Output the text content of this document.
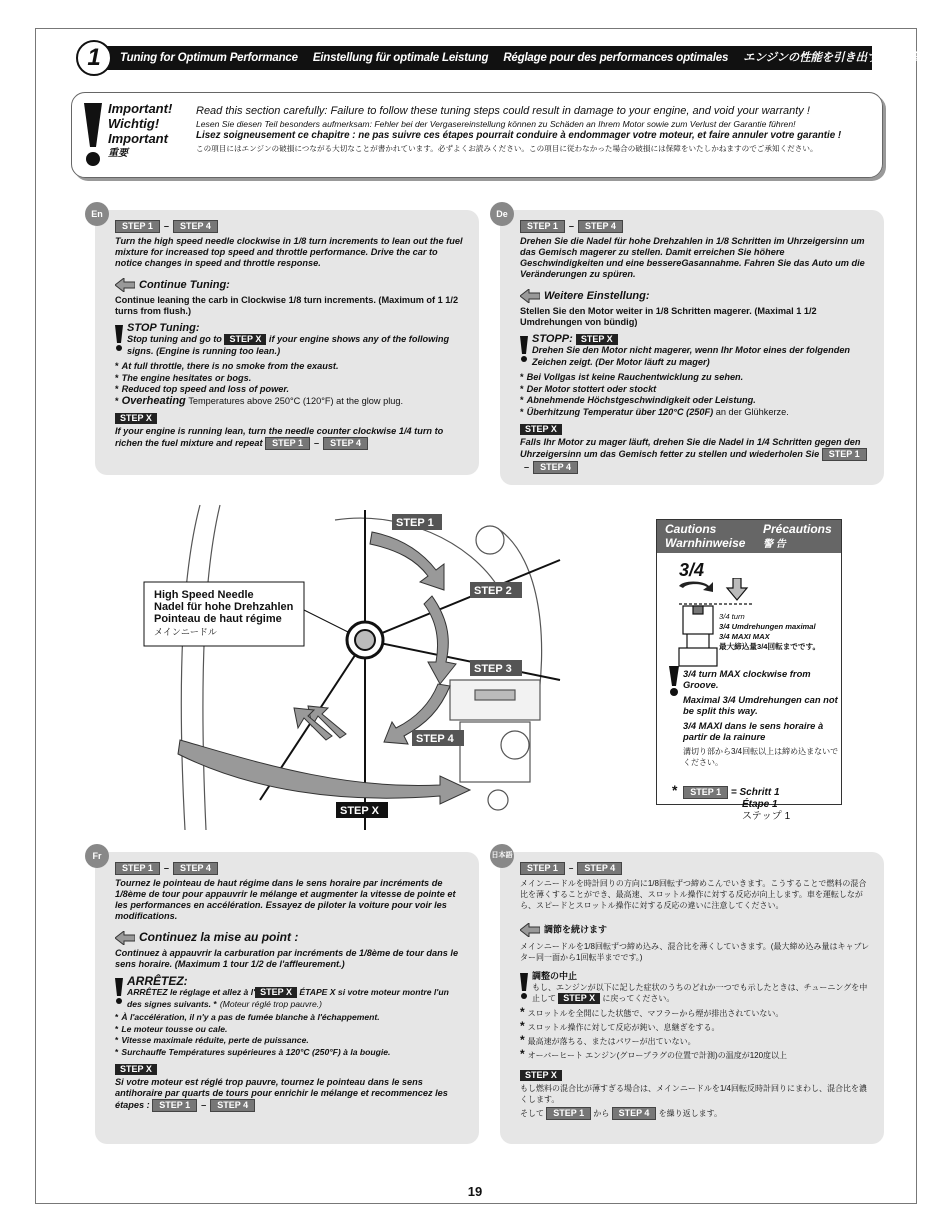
1	Tuning for Optimum Performance Einstellung für optimale Leistung Réglage pour des performances optimales エンジンの性能を引き出す為の調節
Important!
Wichtig!
Important
重要
Read this section carefully: Failure to follow these tuning steps could result in damage to your engine, and void your warranty !
Lesen Sie diesen Teil besonders aufmerksam: Fehler bei der Vergasereinstellung können zu Schäden an Ihrem Motor sowie zum Verlust der Garantie führen!
Lisez soigneusement ce chapitre : ne pas suivre ces étapes pourrait conduire à endommager votre moteur, et faire annuler votre garantie !
この項目にはエンジンの破損につながる大切なことが書かれています。必ずよくお読みください。この項目に従わなかった場合の破損には保障をいたしかねますのでご承知ください。
En
STEP 1 – STEP 4

Turn the high speed needle clockwise in 1/8 turn increments to lean out the fuel mixture for increased top speed and throttle performance. Drive the car to notice changes in speed and throttle response.

Continue Tuning:

Continue leaning the carb in Clockwise 1/8 turn increments. (Maximum of 1 1/2 turns from flush.)

STOP Tuning:
Stop tuning and go to STEP X if your engine shows any of the following signs. (Engine is running too lean.)
* At full throttle, there is no smoke from the exaust.
* The engine hesitates or bogs.
* Reduced top speed and loss of power.
* Overheating Temperatures above 250°C (120°F) at the glow plug.
STEP X

If your engine is running lean, turn the needle counter clockwise 1/4 turn to richen the fuel mixture and repeat STEP 1 – STEP 4

De
STEP 1 – STEP 4

Drehen Sie die Nadel für hohe Drehzahlen in 1/8 Schritten im Uhrzeigersinn um das Gemisch magerer zu stellen. Damit erreichen Sie höhere Geschwindigkeiten und eine bessereGasannahme. Fahren Sie das Auto um die Veränderungen zu spüren.

Weitere Einstellung:

Stellen Sie den Motor weiter in 1/8 Schritten magerer. (Maximal 1 1/2 Umdrehungen von bündig)

STOPP: STEP X
Drehen Sie den Motor nicht magerer, wenn Ihr Motor eines der folgenden Zeichen zeigt. (Der Motor läuft zu mager)
* Bei Vollgas ist keine Rauchentwicklung zu sehen.
* Der Motor stottert oder stockt
* Abnehmende Höchstgeschwindigkeit oder Leistung.
* Überhitzung Temperatur über 120°C (250F) an der Glühkerze.
STEP X

Falls Ihr Motor zu mager läuft, drehen Sie die Nadel in 1/4 Schritten gegen den Uhrzeigersinn um das Gemisch fetter zu stellen und wiederholen Sie STEP 1– STEP 4

STEP 1
STEP 2
STEP 3
STEP 4
STEP X
High Speed Needle
Nadel für hohe Drehzahlen
Pointeau de haut régime
メインニードル
Cautions	Précautions
Warnhinweise 警 告
3/4
3/4 turn
3/4 Umdrehungen maximal
3/4 MAXI MAX
最大締込量3/4回転までです。
3/4 turn MAX clockwise from Groove.
Maximal 3/4 Umdrehungen can not be split this way.
3/4 MAXI dans le sens horaire à partir de la rainure
溝切り部から3/4回転以上は締め込まないでください。
* STEP 1 = Schritt 1
Étape 1
ステップ 1
Fr
STEP 1 – STEP 4

Tournez le pointeau de haut régime dans le sens horaire par incréments de 1/8ème de tour pour appauvrir le mélange et augmenter la vitesse de pointe et les performances en accélération. Essayez de piloter la voiture pour voir les modifications.

Continuez la mise au point :

Continuez à appauvrir la carburation par incréments de 1/8ème de tour dans le sens horaire. (Maximum 1 tour 1/2 de l'affleurement.)

ARRÊTEZ:
ARRÊTEZ le réglage et allez à l' STEP X ÉTAPE X si votre moteur montre l'un des signes suivants. * (Moteur réglé trop pauvre.)
* À l'accélération, il n'y a pas de fumée blanche à l'échappement.
* Le moteur tousse ou cale.
* Vitesse maximale réduite, perte de puissance.
* Surchauffe Températures supérieures à 120°C (250°F) à la bougie.
STEP X

Si votre moteur est réglé trop pauvre, tournez le pointeau dans le sens antihoraire par quarts de tours pour enrichir le mélange et recommencez les étapes : STEP 1 – STEP 4

日本語
STEP 1 – STEP 4
メインニードルを時計回りの方向に1/8回転ずつ締めこんでいきます。こうすることで燃料の混合比を薄くすることができ、最高速、スロットル操作に対する反応が向上します。車を運転しながら、スピードとスロットル操作に対する反応の違いに注意してください。
調節を続けます
メインニードルを1/8回転ずつ締め込み、混合比を薄くしていきます。(最大締め込み量はキャブレター同一面から1回転半までです。)
調整の中止
もし、エンジンが以下に記した症状のうちのどれか一つでも示したときは、チューニングを中止して STEP X に戻ってください。
* スロットルを全開にした状態で、マフラーから煙が排出されていない。
* スロットル操作に対して反応が鈍い、息継ぎをする。
* 最高速が落ちる、またはパワーが出ていない。
* オーバーヒート エンジン(グロープラグの位置で計測)の温度が120度以上
STEP X
もし燃料の混合比が薄すぎる場合は、メインニードルを1/4回転反時計回りにまわし、混合比を濃くします。
そして STEP 1 から STEP 4 を繰り返します。
19
